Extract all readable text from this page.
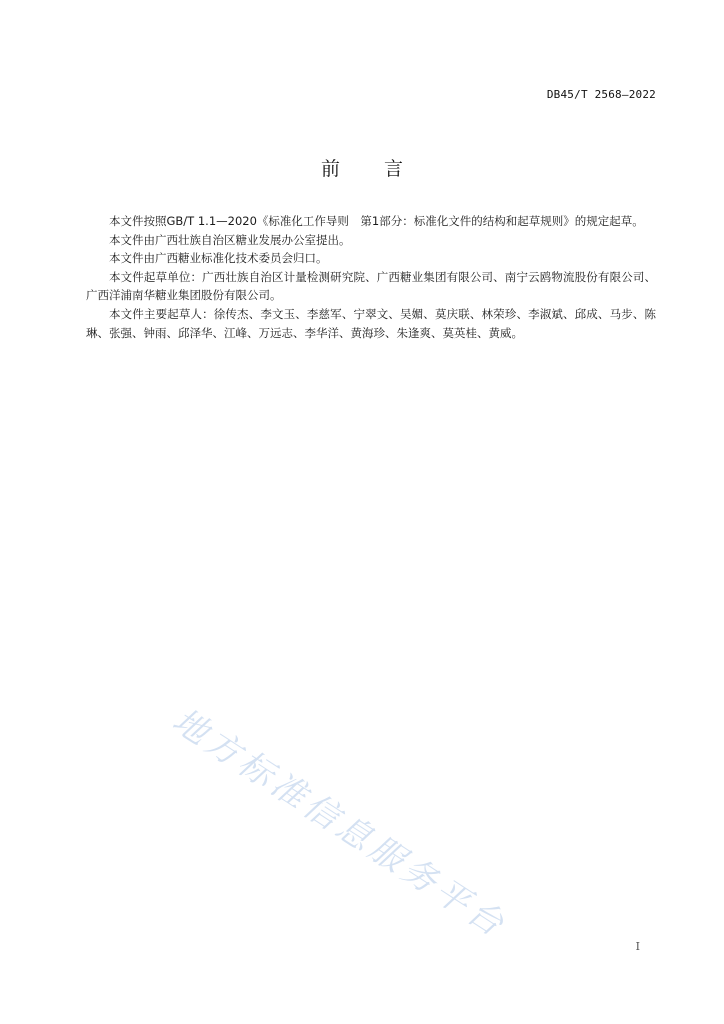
DB45/T 2568—2022
前言

本文件按照GB/T 1.1—2020《标准化工作导则　第1部分：标准化文件的结构和起草规则》的规定起草。

本文件由广西壮族自治区糖业发展办公室提出。

本文件由广西糖业标准化技术委员会归口。

本文件起草单位：广西壮族自治区计量检测研究院、广西糖业集团有限公司、南宁云鸥物流股份有限公司、广西洋浦南华糖业集团股份有限公司。

本文件主要起草人：徐传杰、李文玉、李慈军、宁翠文、吴媚、莫庆联、林荣珍、李淑斌、邱成、马步、陈琳、张强、钟雨、邱泽华、江峰、万远志、李华洋、黄海珍、朱逢爽、莫英桂、黄威。

地方标准信息服务平台	I
